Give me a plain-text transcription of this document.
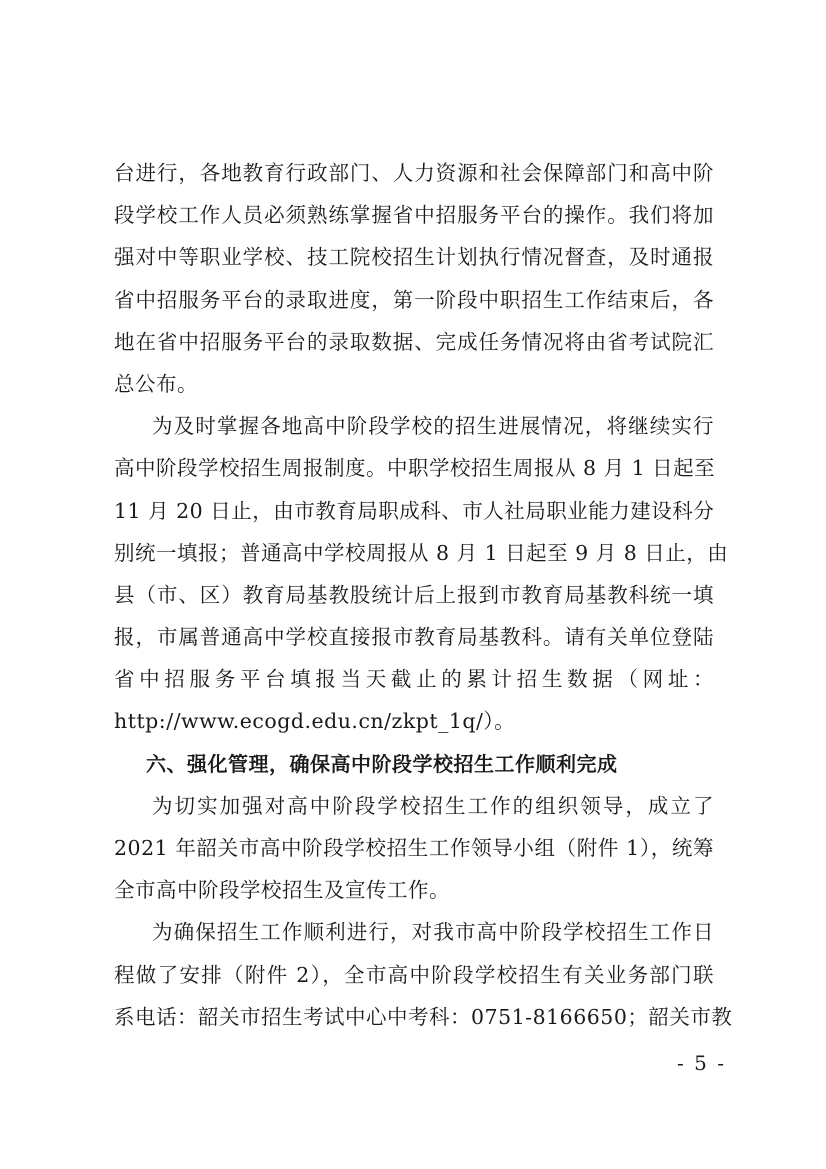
台进行，各地教育行政部门、人力资源和社会保障部门和高中阶
段学校工作人员必须熟练掌握省中招服务平台的操作。我们将加
强对中等职业学校、技工院校招生计划执行情况督查，及时通报
省中招服务平台的录取进度，第一阶段中职招生工作结束后，各
地在省中招服务平台的录取数据、完成任务情况将由省考试院汇
总公布。
为及时掌握各地高中阶段学校的招生进展情况，将继续实行
高中阶段学校招生周报制度。中职学校招生周报从 8 月 1 日起至
11 月 20 日止，由市教育局职成科、市人社局职业能力建设科分
别统一填报；普通高中学校周报从 8 月 1 日起至 9 月 8 日止，由
县（市、区）教育局基教股统计后上报到市教育局基教科统一填
报，市属普通高中学校直接报市教育局基教科。请有关单位登陆
省中招服务平台填报当天截止的累计招生数据（网址：
http://www.ecogd.edu.cn/zkpt_1q/）。
六、强化管理，确保高中阶段学校招生工作顺利完成
为切实加强对高中阶段学校招生工作的组织领导，成立了
2021 年韶关市高中阶段学校招生工作领导小组（附件 1），统筹
全市高中阶段学校招生及宣传工作。
为确保招生工作顺利进行，对我市高中阶段学校招生工作日
程做了安排（附件 2），全市高中阶段学校招生有关业务部门联
系电话：韶关市招生考试中心中考科：0751-8166650；韶关市教
- 5 -
